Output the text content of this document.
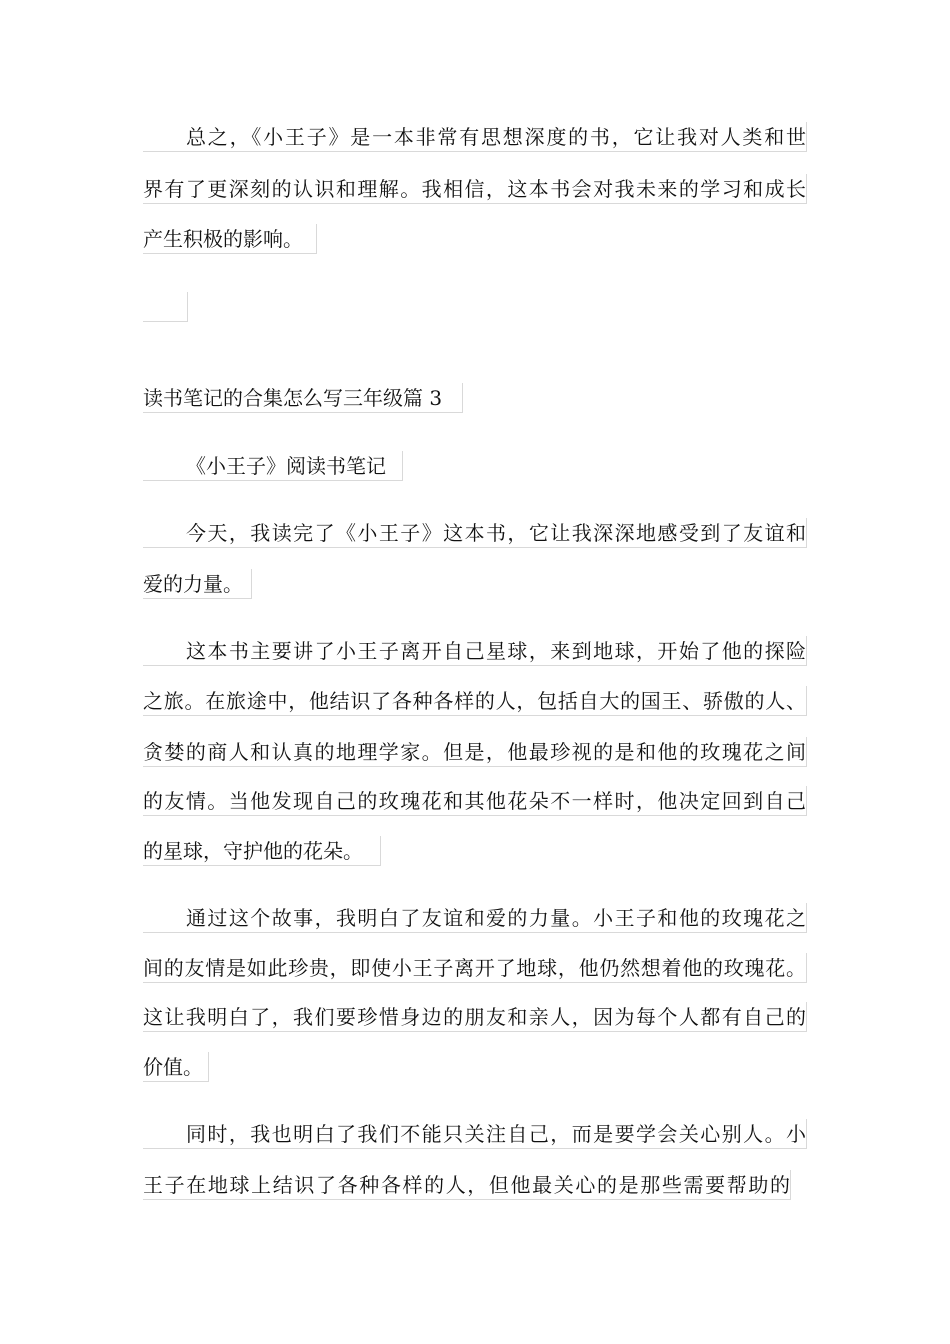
总之，《小王子》是一本非常有思想深度的书，它让我对人类和世
界有了更深刻的认识和理解。我相信，这本书会对我未来的学习和成长
产生积极的影响。
读书笔记的合集怎么写三年级篇 3
《小王子》阅读书笔记
今天，我读完了《小王子》这本书，它让我深深地感受到了友谊和
爱的力量。
这本书主要讲了小王子离开自己星球，来到地球，开始了他的探险
之旅。在旅途中，他结识了各种各样的人，包括自大的国王、骄傲的人、
贪婪的商人和认真的地理学家。但是，他最珍视的是和他的玫瑰花之间
的友情。当他发现自己的玫瑰花和其他花朵不一样时，他决定回到自己
的星球，守护他的花朵。
通过这个故事，我明白了友谊和爱的力量。小王子和他的玫瑰花之
间的友情是如此珍贵，即使小王子离开了地球，他仍然想着他的玫瑰花。
这让我明白了，我们要珍惜身边的朋友和亲人，因为每个人都有自己的
价值。
同时，我也明白了我们不能只关注自己，而是要学会关心别人。小
王子在地球上结识了各种各样的人，但他最关心的是那些需要帮助的
